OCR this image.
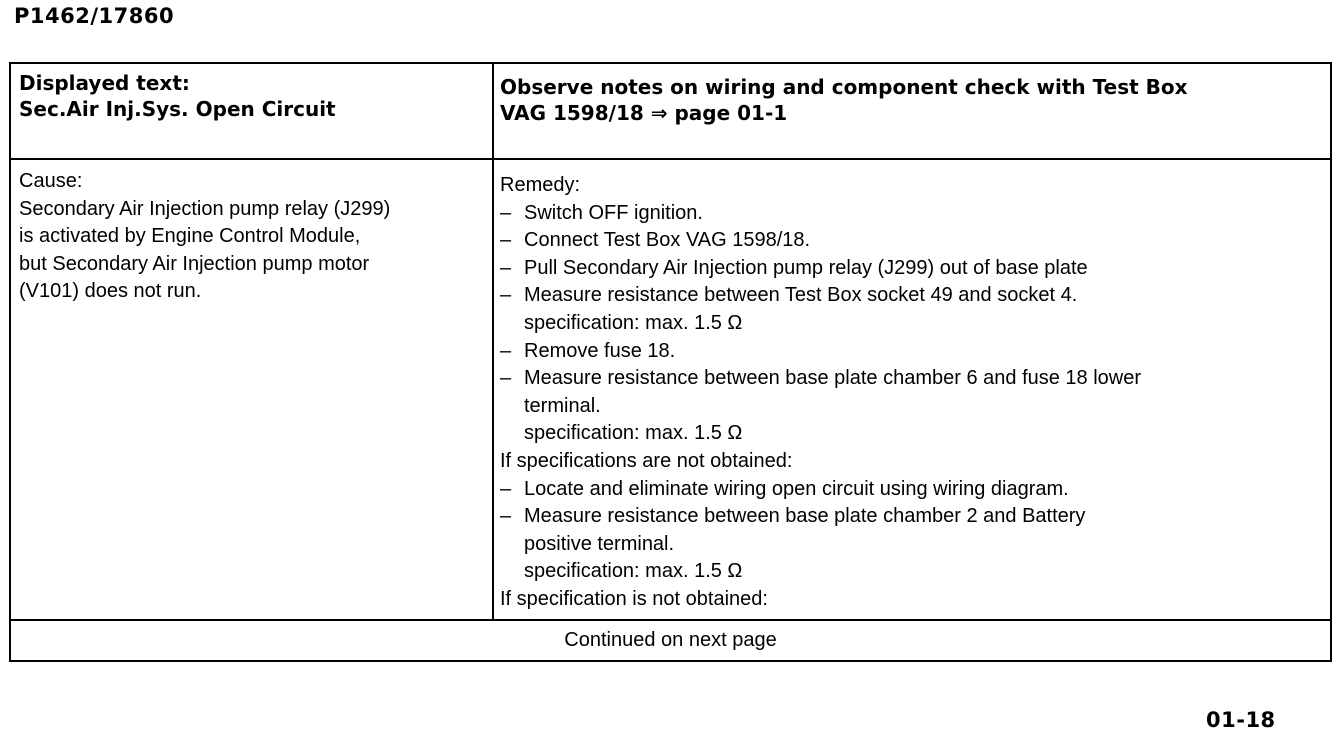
P1462/17860
Displayed text:
Sec.Air Inj.Sys. Open Circuit
Observe notes on wiring and component check with Test Box
VAG 1598/18 ⇒ page 01-1
Cause:
Secondary Air Injection pump relay (J299)
is activated by Engine Control Module,
but Secondary Air Injection pump motor
(V101) does not run.
Remedy:
– Switch OFF ignition.
– Connect Test Box VAG 1598/18.
– Pull Secondary Air Injection pump relay (J299) out of base plate
– Measure resistance between Test Box socket 49 and socket 4.
specification: max. 1.5 Ω
– Remove fuse 18.
– Measure resistance between base plate chamber 6 and fuse 18 lower
terminal.
specification: max. 1.5 Ω
If specifications are not obtained:
– Locate and eliminate wiring open circuit using wiring diagram.
– Measure resistance between base plate chamber 2 and Battery
positive terminal.
specification: max. 1.5 Ω
If specification is not obtained:
Continued on next page
01-18
